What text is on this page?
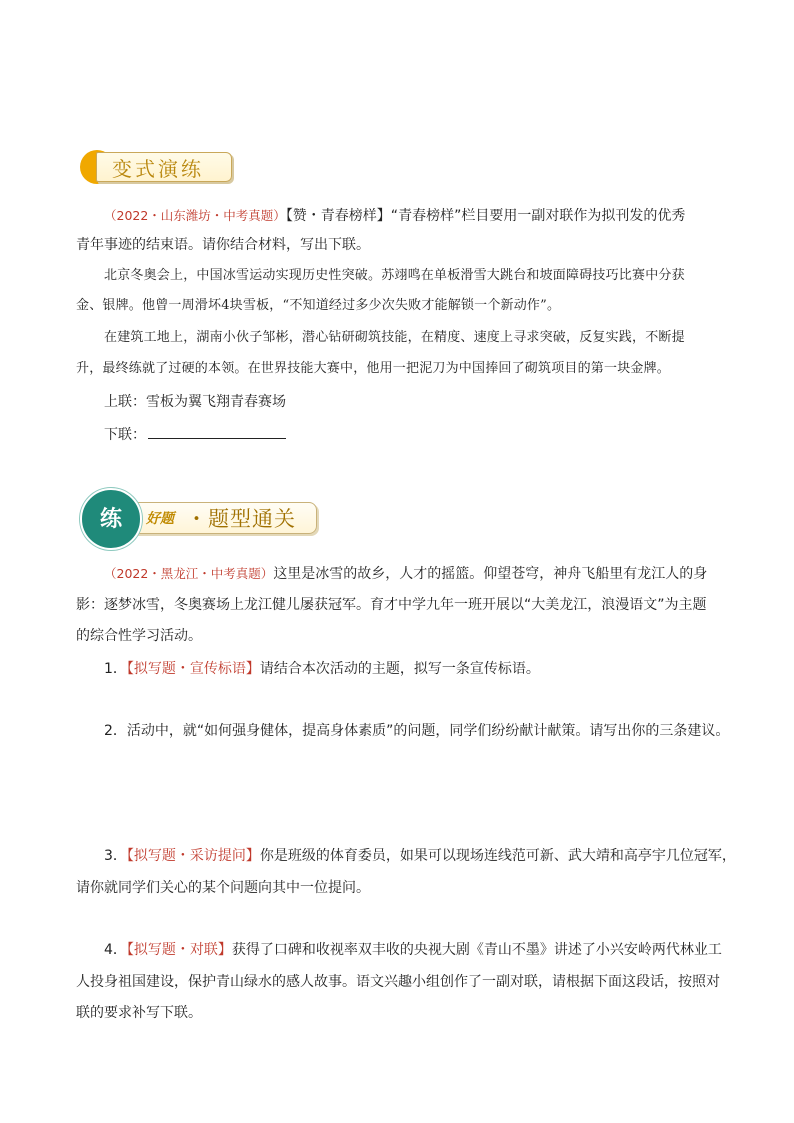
变式演练
（2022・山东潍坊・中考真题）【赞・青春榜样】“青春榜样”栏目要用一副对联作为拟刊发的优秀
青年事迹的结束语。请你结合材料，写出下联。
北京冬奥会上，中国冰雪运动实现历史性突破。苏翊鸣在单板滑雪大跳台和坡面障碍技巧比赛中分获
金、银牌。他曾一周滑坏4块雪板，“不知道经过多少次失败才能解锁一个新动作”。
在建筑工地上，湖南小伙子邹彬，潜心钻研砌筑技能，在精度、速度上寻求突破，反复实践，不断提
升，最终练就了过硬的本领。在世界技能大赛中，他用一把泥刀为中国捧回了砌筑项目的第一块金牌。
上联：雪板为翼飞翔青春赛场
下联：
练	好题 ・题型通关
（2022・黑龙江・中考真题）这里是冰雪的故乡，人才的摇篮。仰望苍穹，神舟飞船里有龙江人的身
影：逐梦冰雪，冬奥赛场上龙江健儿屡获冠军。育才中学九年一班开展以“大美龙江，浪漫语文”为主题
的综合性学习活动。
1．【拟写题・宣传标语】请结合本次活动的主题，拟写一条宣传标语。
2．活动中，就“如何强身健体，提高身体素质”的问题，同学们纷纷献计献策。请写出你的三条建议。
3．【拟写题・采访提问】你是班级的体育委员，如果可以现场连线范可新、武大靖和高亭宇几位冠军，
请你就同学们关心的某个问题向其中一位提问。
4．【拟写题・对联】获得了口碑和收视率双丰收的央视大剧《青山不墨》讲述了小兴安岭两代林业工
人投身祖国建设，保护青山绿水的感人故事。语文兴趣小组创作了一副对联，请根据下面这段话，按照对
联的要求补写下联。
